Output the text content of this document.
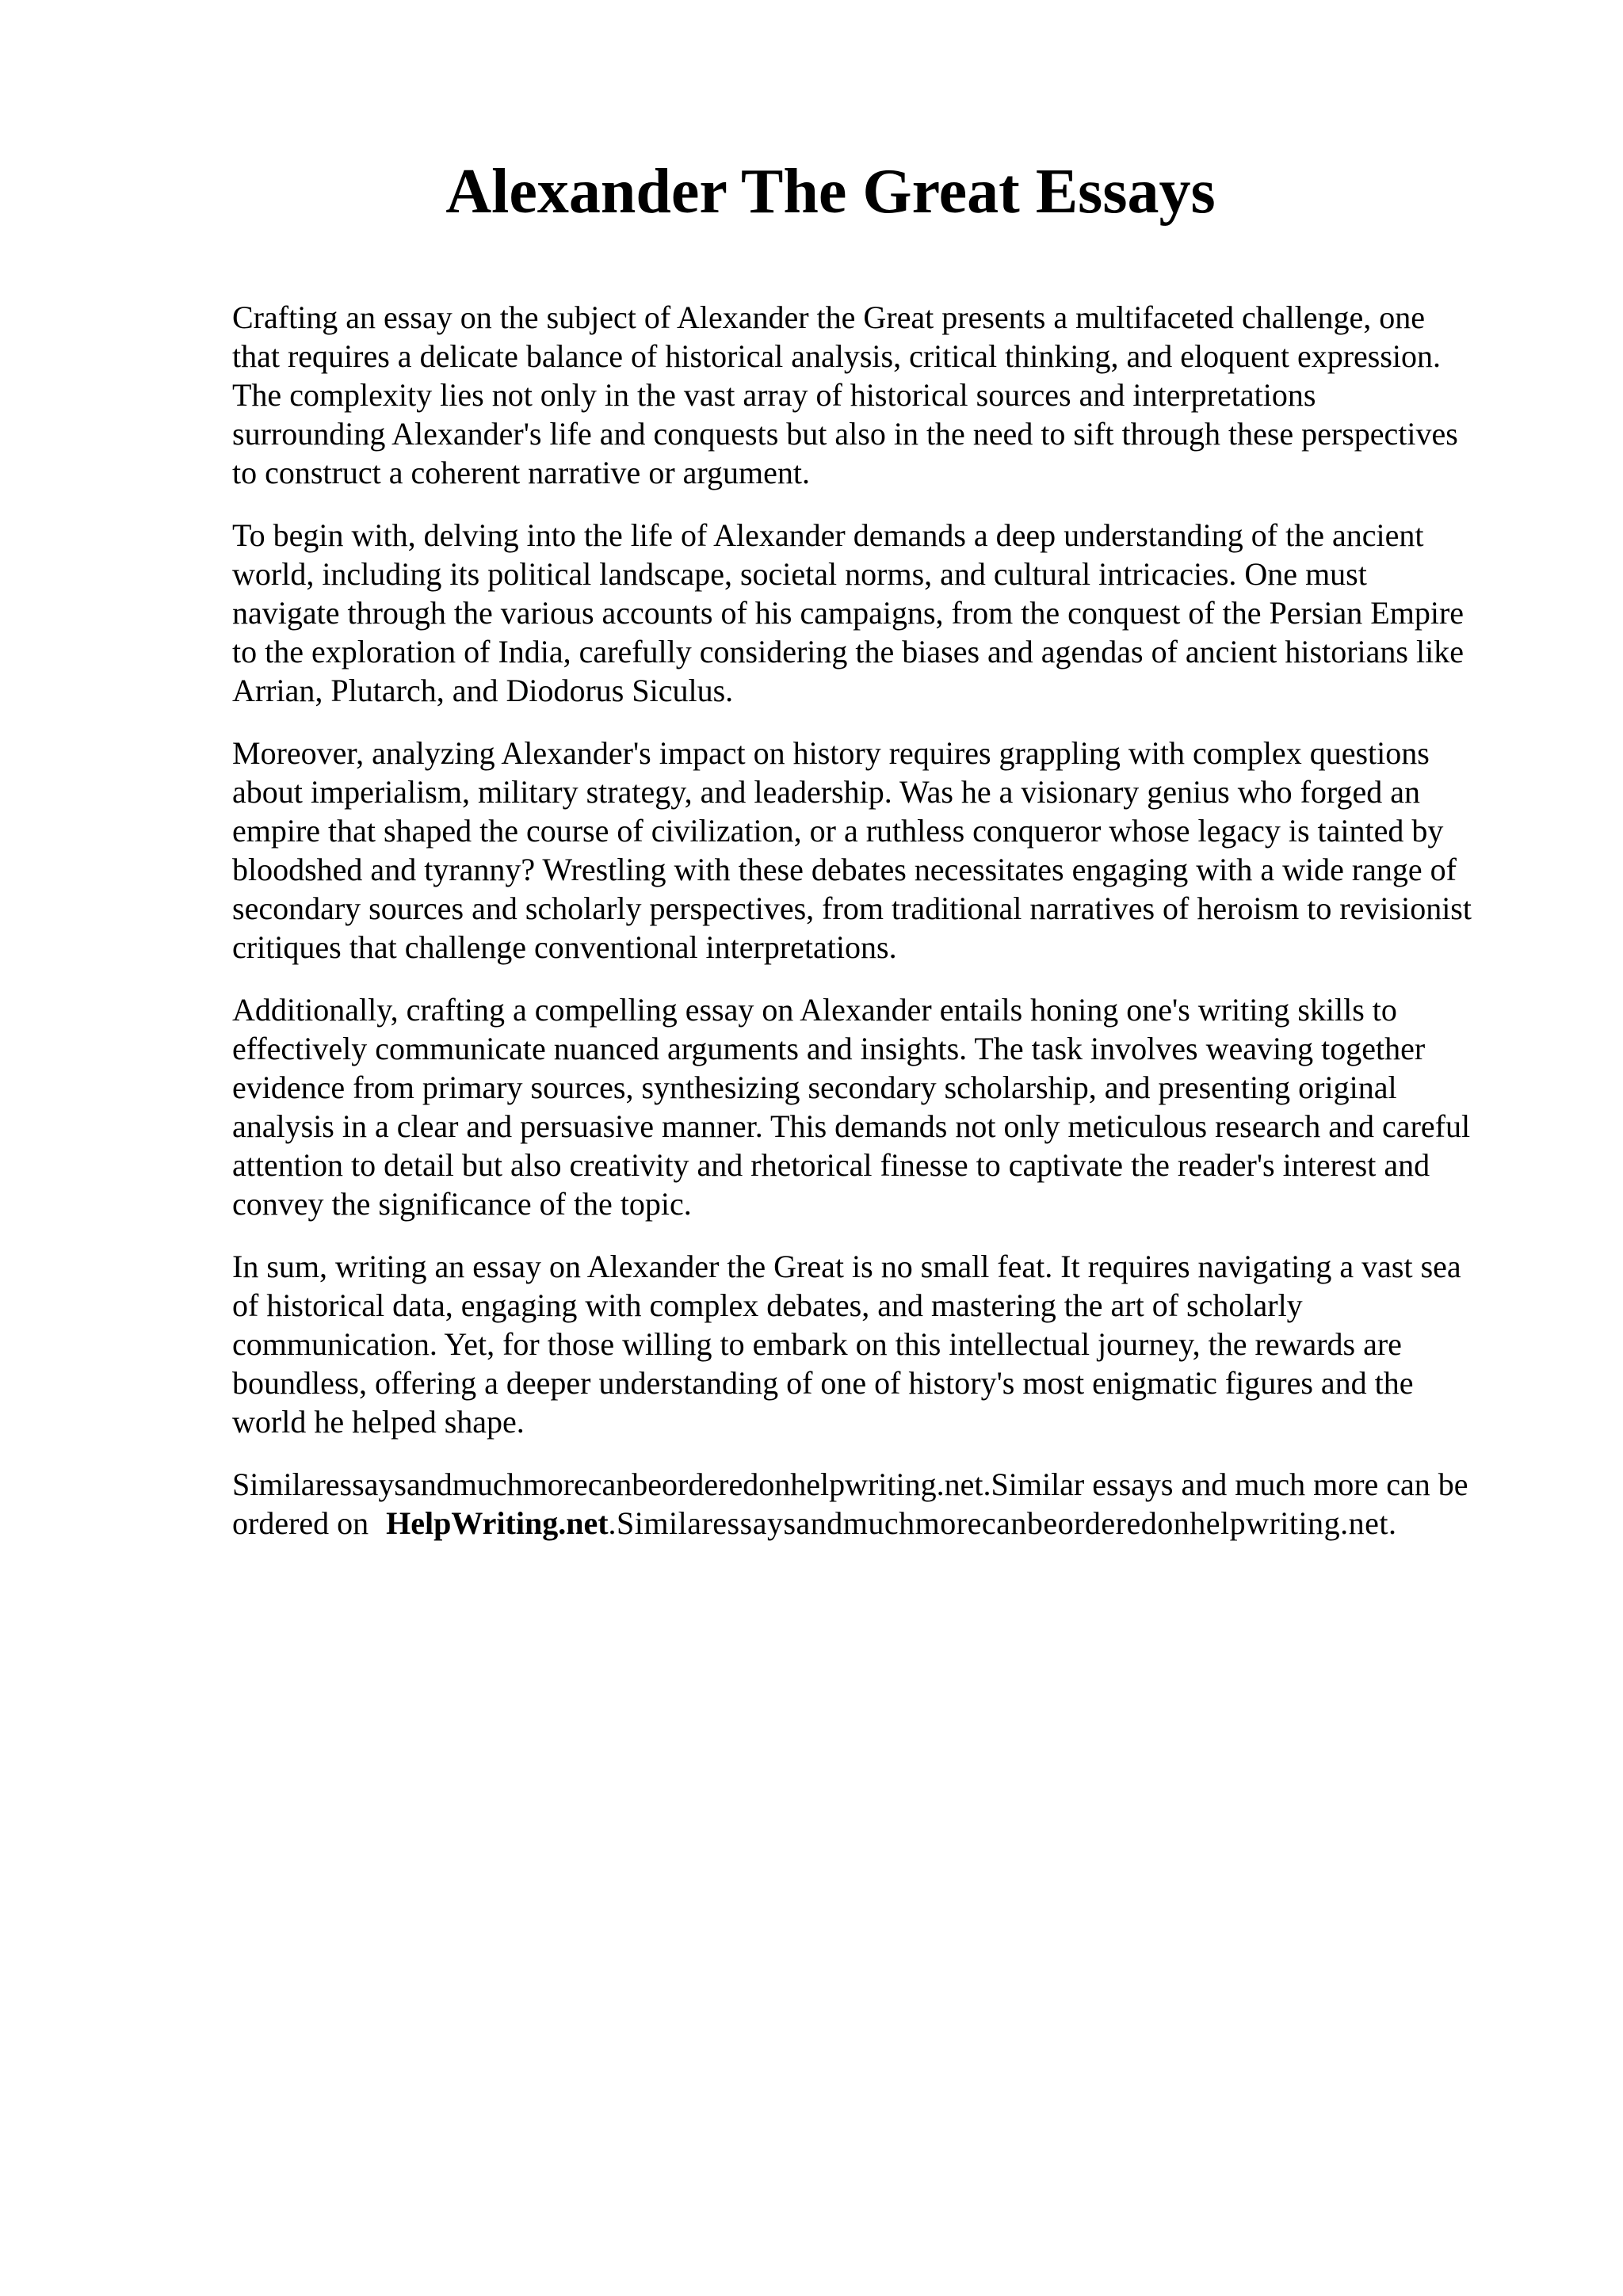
Alexander The Great Essays

Crafting an essay on the subject of Alexander the Great presents a multifaceted challenge, one
that requires a delicate balance of historical analysis, critical thinking, and eloquent expression.
The complexity lies not only in the vast array of historical sources and interpretations
surrounding Alexander's life and conquests but also in the need to sift through these perspectives
to construct a coherent narrative or argument.

To begin with, delving into the life of Alexander demands a deep understanding of the ancient
world, including its political landscape, societal norms, and cultural intricacies. One must
navigate through the various accounts of his campaigns, from the conquest of the Persian Empire
to the exploration of India, carefully considering the biases and agendas of ancient historians like
Arrian, Plutarch, and Diodorus Siculus.

Moreover, analyzing Alexander's impact on history requires grappling with complex questions
about imperialism, military strategy, and leadership. Was he a visionary genius who forged an
empire that shaped the course of civilization, or a ruthless conqueror whose legacy is tainted by
bloodshed and tyranny? Wrestling with these debates necessitates engaging with a wide range of
secondary sources and scholarly perspectives, from traditional narratives of heroism to revisionist
critiques that challenge conventional interpretations.

Additionally, crafting a compelling essay on Alexander entails honing one's writing skills to
effectively communicate nuanced arguments and insights. The task involves weaving together
evidence from primary sources, synthesizing secondary scholarship, and presenting original
analysis in a clear and persuasive manner. This demands not only meticulous research and careful
attention to detail but also creativity and rhetorical finesse to captivate the reader's interest and
convey the significance of the topic.

In sum, writing an essay on Alexander the Great is no small feat. It requires navigating a vast sea
of historical data, engaging with complex debates, and mastering the art of scholarly
communication. Yet, for those willing to embark on this intellectual journey, the rewards are
boundless, offering a deeper understanding of one of history's most enigmatic figures and the
world he helped shape.

Similaressaysandmuchmorecanbeorderedonhelpwriting.net.Similar essays and much more can be
ordered on HelpWriting.net.Similaressaysandmuchmorecanbeorderedonhelpwriting.net.
